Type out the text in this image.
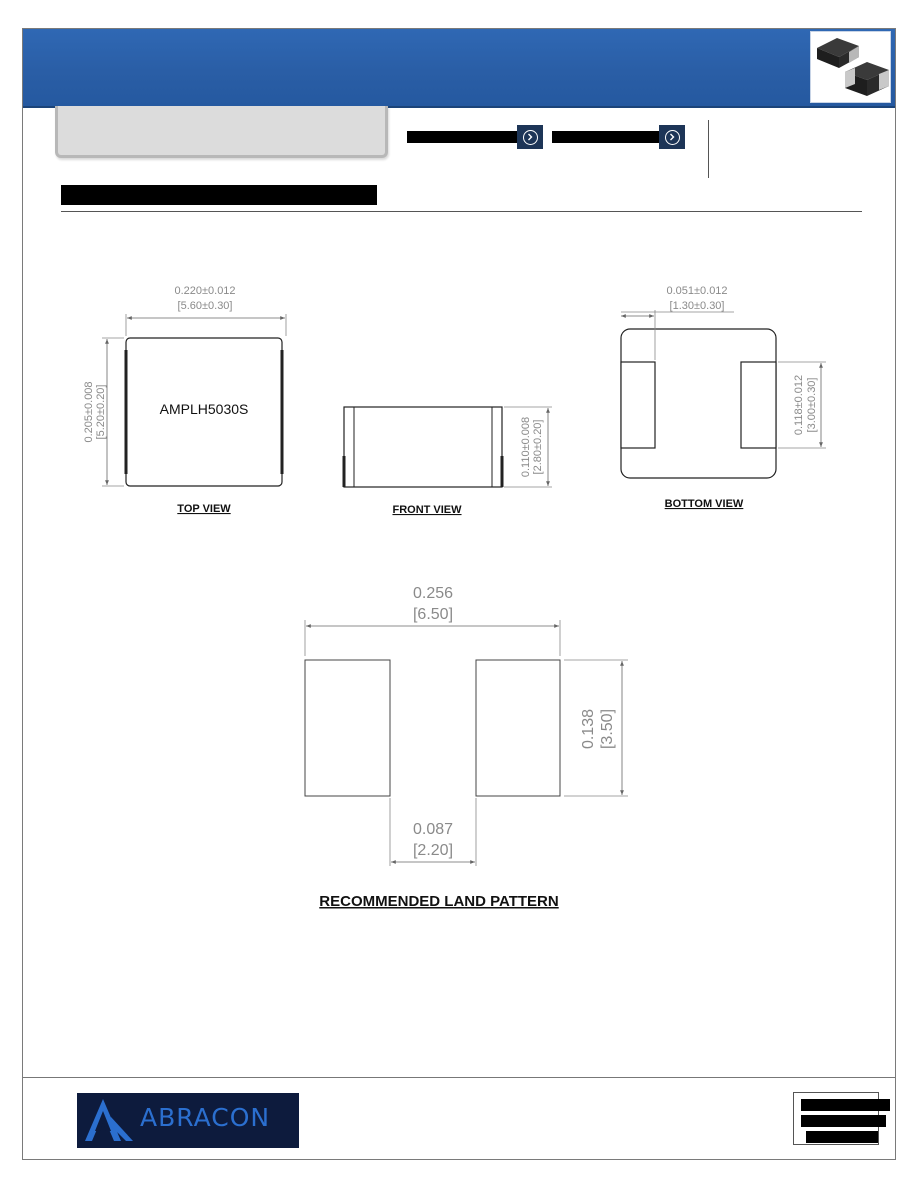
AMPLH5030S
0.220±0.012
[5.60±0.30]
0.205±0.008 [5.20±0.20]
TOP VIEW
0.110±0.008 [2.80±0.20]
FRONT VIEW
0.051±0.012
[1.30±0.30]
0.118±0.012 [3.00±0.30]
BOTTOM VIEW
0.256
[6.50]
0.138 [3.50]
0.087
[2.20]
RECOMMENDED LAND PATTERN
ABRACON
